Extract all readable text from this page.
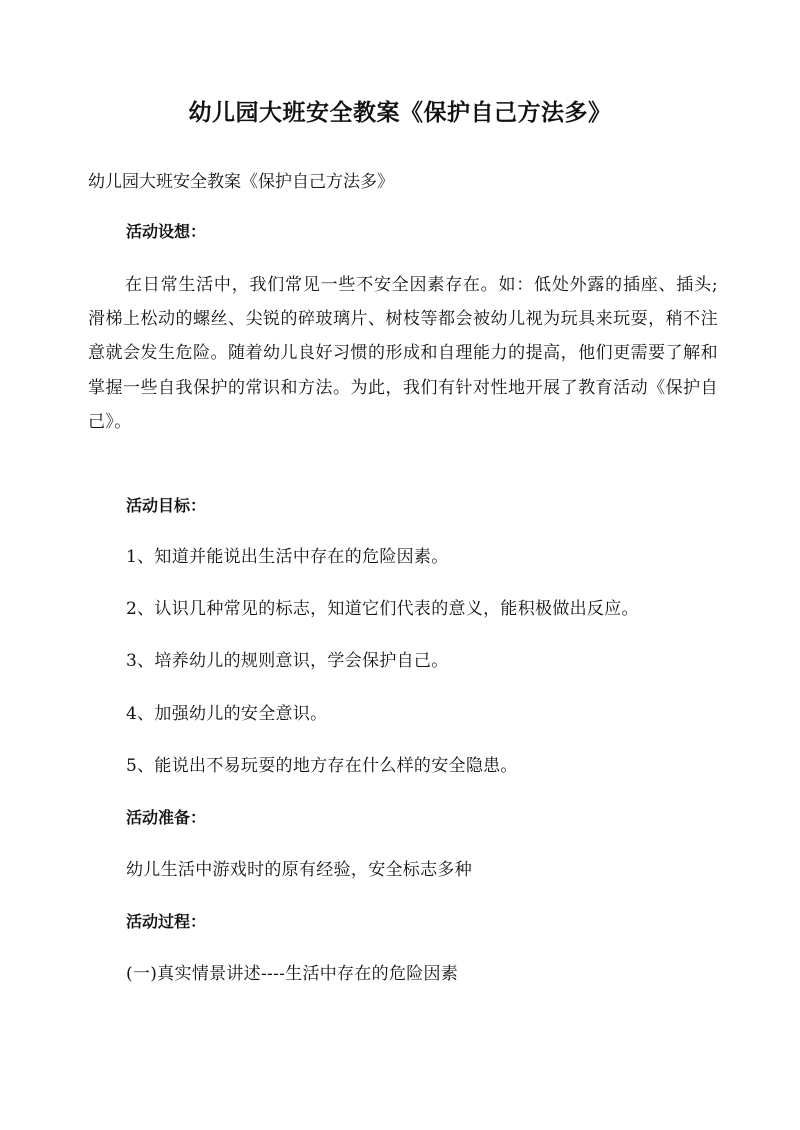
幼儿园大班安全教案《保护自己方法多》
幼儿园大班安全教案《保护自己方法多》
活动设想：
在日常生活中，我们常见一些不安全因素存在。如：低处外露的插座、插头;滑梯上松动的螺丝、尖锐的碎玻璃片、树枝等都会被幼儿视为玩具来玩耍，稍不注意就会发生危险。随着幼儿良好习惯的形成和自理能力的提高，他们更需要了解和掌握一些自我保护的常识和方法。为此，我们有针对性地开展了教育活动《保护自己》。
活动目标：
1、知道并能说出生活中存在的危险因素。
2、认识几种常见的标志，知道它们代表的意义，能积极做出反应。
3、培养幼儿的规则意识，学会保护自己。
4、加强幼儿的安全意识。
5、能说出不易玩耍的地方存在什么样的安全隐患。
活动准备：
幼儿生活中游戏时的原有经验，安全标志多种
活动过程：
(一)真实情景讲述----生活中存在的危险因素
